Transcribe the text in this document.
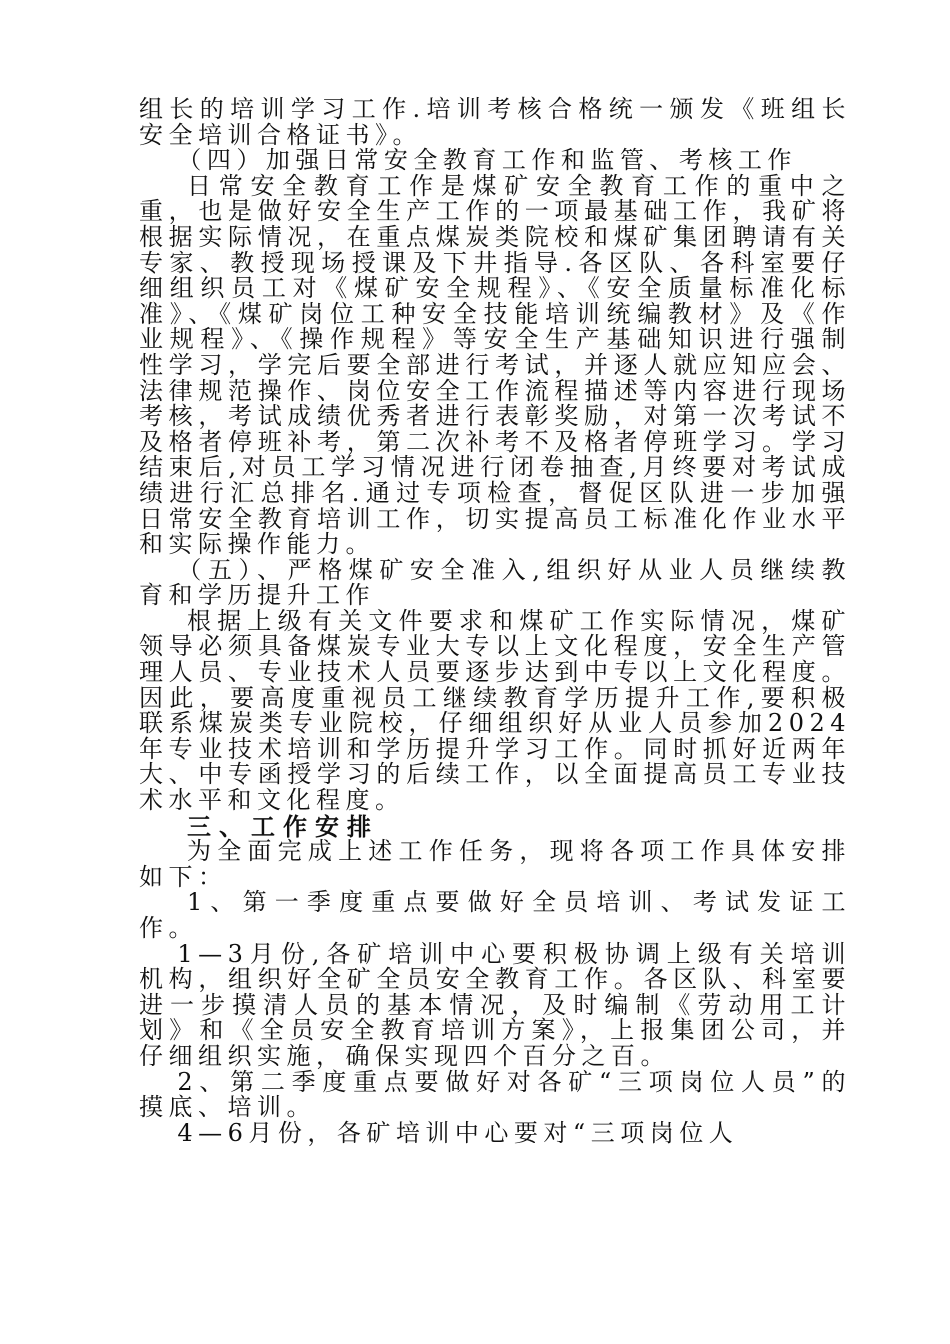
组长的培训学习工作.培训考核合格统一颁发《班组长安全培训合格证书》。

（四）加强日常安全教育工作和监管、考核工作

日常安全教育工作是煤矿安全教育工作的重中之重，也是做好安全生产工作的一项最基础工作，我矿将根据实际情况，在重点煤炭类院校和煤矿集团聘请有关专家、教授现场授课及下井指导.各区队、各科室要仔细组织员工对《煤矿安全规程》、《安全质量标准化标准》、《煤矿岗位工种安全技能培训统编教材》及《作业规程》、《操作规程》等安全生产基础知识进行强制性学习，学完后要全部进行考试，并逐人就应知应会、法律规范操作、岗位安全工作流程描述等内容进行现场考核，考试成绩优秀者进行表彰奖励，对第一次考试不及格者停班补考，第二次补考不及格者停班学习。学习结束后,对员工学习情况进行闭卷抽查,月终要对考试成绩进行汇总排名.通过专项检查，督促区队进一步加强日常安全教育培训工作，切实提高员工标准化作业水平和实际操作能力。

（五）、严格煤矿安全准入,组织好从业人员继续教育和学历提升工作

根据上级有关文件要求和煤矿工作实际情况，煤矿领导必须具备煤炭专业大专以上文化程度，安全生产管理人员、专业技术人员要逐步达到中专以上文化程度。因此，要高度重视员工继续教育学历提升工作,要积极联系煤炭类专业院校，仔细组织好从业人员参加2024年专业技术培训和学历提升学习工作。同时抓好近两年大、中专函授学习的后续工作，以全面提高员工专业技术水平和文化程度。

三、工作安排

为全面完成上述工作任务，现将各项工作具体安排如下：

1、第一季度重点要做好全员培训、考试发证工作。

1—3月份,各矿培训中心要积极协调上级有关培训机构，组织好全矿全员安全教育工作。各区队、科室要进一步摸清人员的基本情况，及时编制《劳动用工计划》和《全员安全教育培训方案》，上报集团公司，并仔细组织实施，确保实现四个百分之百。

2、第二季度重点要做好对各矿“三项岗位人员”的摸底、培训。

4—6月份，各矿培训中心要对“三项岗位人
